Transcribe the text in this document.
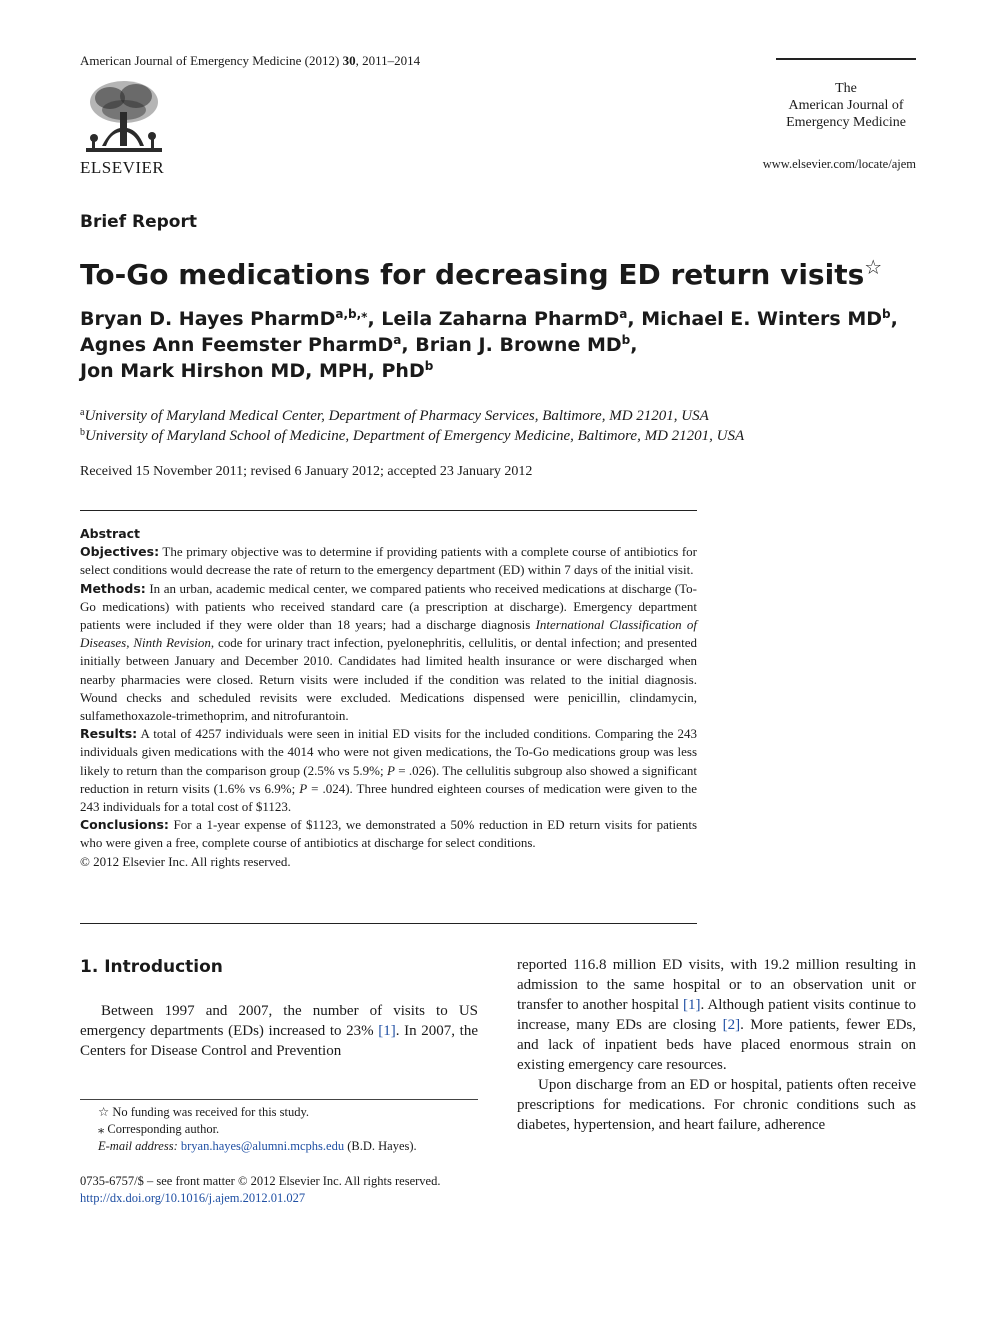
American Journal of Emergency Medicine (2012) 30, 2011–2014
ELSEVIER
The
American Journal of
Emergency Medicine
www.elsevier.com/locate/ajem
Brief Report
To-Go medications for decreasing ED return visits☆
Bryan D. Hayes PharmD$^{a,b,⁎}$, Leila Zaharna PharmD$^a$, Michael E. Winters $MD^b$,
Agnes Ann Feemster PharmD$^a$, Brian J. Browne $MD^b$,
Jon Mark Hirshon MD, MPH, PhD$^b$
$^a$University of Maryland Medical Center, Department of Pharmacy Services, Baltimore, MD 21201, USA
$^b$University of Maryland School of Medicine, Department of Emergency Medicine, Baltimore, MD 21201, USA
Received 15 November 2011; revised 6 January 2012; accepted 23 January 2012
Abstract

Objectives: The primary objective was to determine if providing patients with a complete course of antibiotics for select conditions would decrease the rate of return to the emergency department (ED) within 7 days of the initial visit.

Methods: In an urban, academic medical center, we compared patients who received medications at discharge (To-Go medications) with patients who received standard care (a prescription at discharge). Emergency department patients were included if they were older than 18 years; had a discharge diagnosis International Classification of Diseases, Ninth Revision, code for urinary tract infection, pyelonephritis, cellulitis, or dental infection; and presented initially between January and December 2010. Candidates had limited health insurance or were discharged when nearby pharmacies were closed. Return visits were included if the condition was related to the initial diagnosis. Wound checks and scheduled revisits were excluded. Medications dispensed were penicillin, clindamycin, sulfamethoxazole-trimethoprim, and nitrofurantoin.

Results: A total of 4257 individuals were seen in initial ED visits for the included conditions. Comparing the 243 individuals given medications with the 4014 who were not given medications, the To-Go medications group was less likely to return than the comparison group (2.5% vs 5.9%; P = .026). The cellulitis subgroup also showed a significant reduction in return visits (1.6% vs 6.9%; P = .024). Three hundred eighteen courses of medication were given to the 243 individuals for a total cost of $1123.

Conclusions: For a 1-year expense of $1123, we demonstrated a 50% reduction in ED return visits for patients who were given a free, complete course of antibiotics at discharge for select conditions.

© 2012 Elsevier Inc. All rights reserved.

1. Introduction

Between 1997 and 2007, the number of visits to US emergency departments (EDs) increased to 23% [1]. In 2007, the Centers for Disease Control and Prevention

reported 116.8 million ED visits, with 19.2 million resulting in admission to the same hospital or to an observation unit or transfer to another hospital [1]. Although patient visits continue to increase, many EDs are closing [2]. More patients, fewer EDs, and lack of inpatient beds have placed enormous strain on existing emergency care resources.

Upon discharge from an ED or hospital, patients often receive prescriptions for medications. For chronic conditions such as diabetes, hypertension, and heart failure, adherence

☆ No funding was received for this study.
⁎ Corresponding author.
E-mail address: bryan.hayes@alumni.mcphs.edu (B.D. Hayes).
0735-6757/$ – see front matter © 2012 Elsevier Inc. All rights reserved.
http://dx.doi.org/10.1016/j.ajem.2012.01.027
